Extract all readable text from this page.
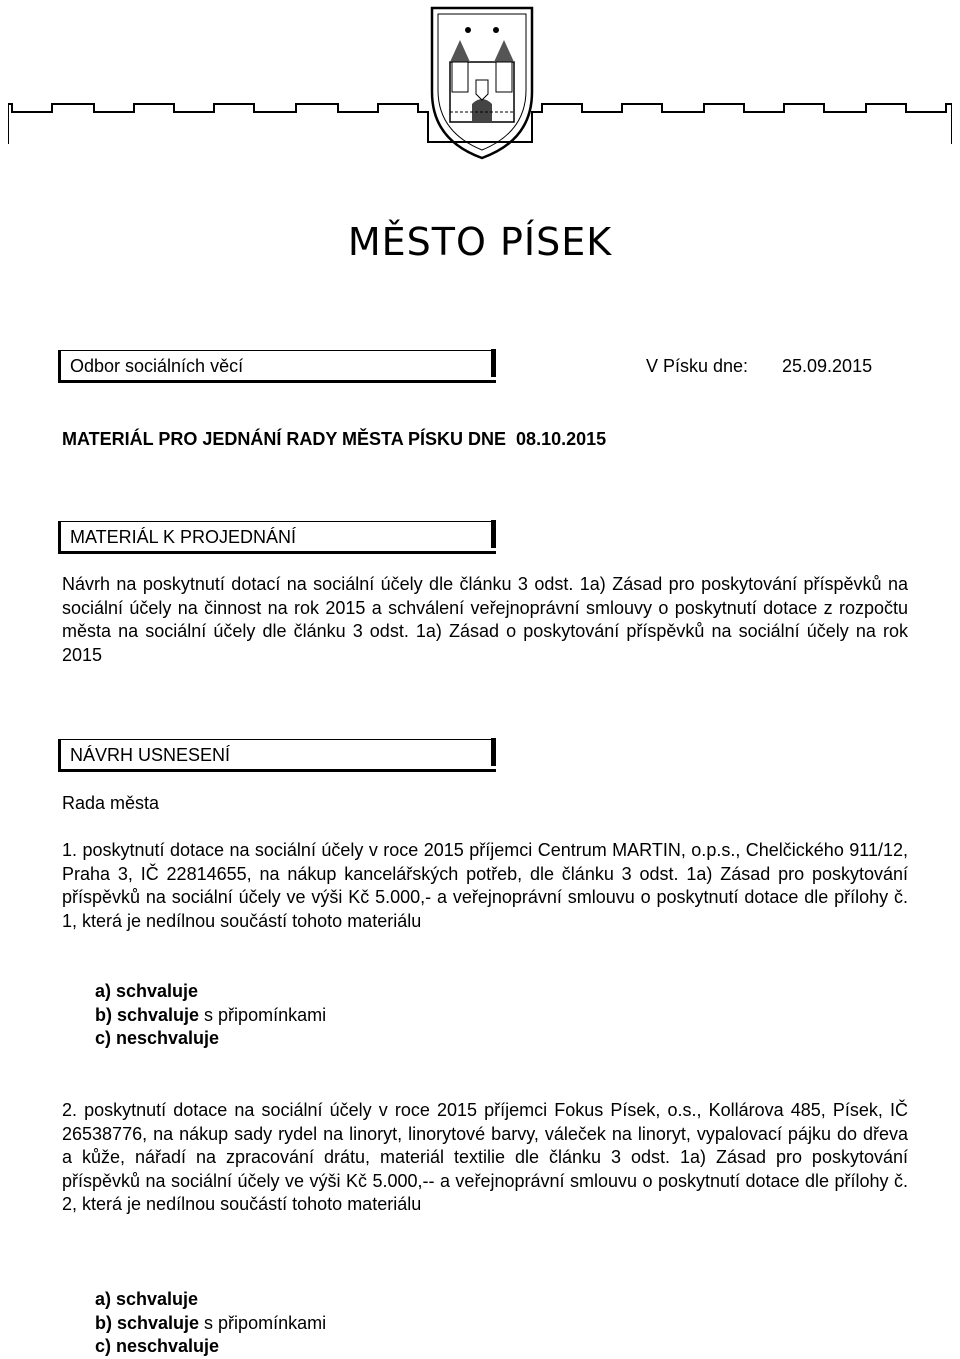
MĚSTO PÍSEK
Odbor sociálních věcí	V Písku dne: 25.09.2015
MATERIÁL PRO JEDNÁNÍ RADY MĚSTA PÍSKU DNE  08.10.2015
MATERIÁL K PROJEDNÁNÍ
Návrh na poskytnutí dotací na sociální účely dle článku 3 odst. 1a) Zásad pro poskytování příspěvků na sociální účely na činnost na rok 2015 a schválení veřejnoprávní smlouvy o poskytnutí dotace z rozpočtu města na sociální účely dle článku 3 odst. 1a) Zásad o poskytování příspěvků na sociální účely na rok 2015
NÁVRH USNESENÍ
Rada města
1. poskytnutí dotace na sociální účely v roce 2015 příjemci Centrum MARTIN, o.p.s., Chelčického 911/12, Praha 3, IČ 22814655, na nákup kancelářských potřeb, dle článku 3 odst. 1a) Zásad pro poskytování příspěvků na sociální účely ve výši Kč 5.000,- a veřejnoprávní smlouvu o poskytnutí dotace dle přílohy č. 1, která je nedílnou součástí tohoto materiálu
a) schvaluje
b) schvaluje s připomínkami
c) neschvaluje
2. poskytnutí dotace na sociální účely v roce 2015 příjemci Fokus Písek, o.s., Kollárova 485, Písek, IČ 26538776, na nákup sady rydel na linoryt, linorytové barvy, váleček na linoryt, vypalovací pájku do dřeva a kůže, nářadí na zpracování drátu, materiál textilie dle článku 3 odst. 1a) Zásad pro poskytování příspěvků na sociální účely ve výši Kč 5.000,-- a veřejnoprávní smlouvu o poskytnutí dotace dle přílohy č. 2, která je nedílnou součástí tohoto materiálu
a) schvaluje
b) schvaluje s připomínkami
c) neschvaluje
